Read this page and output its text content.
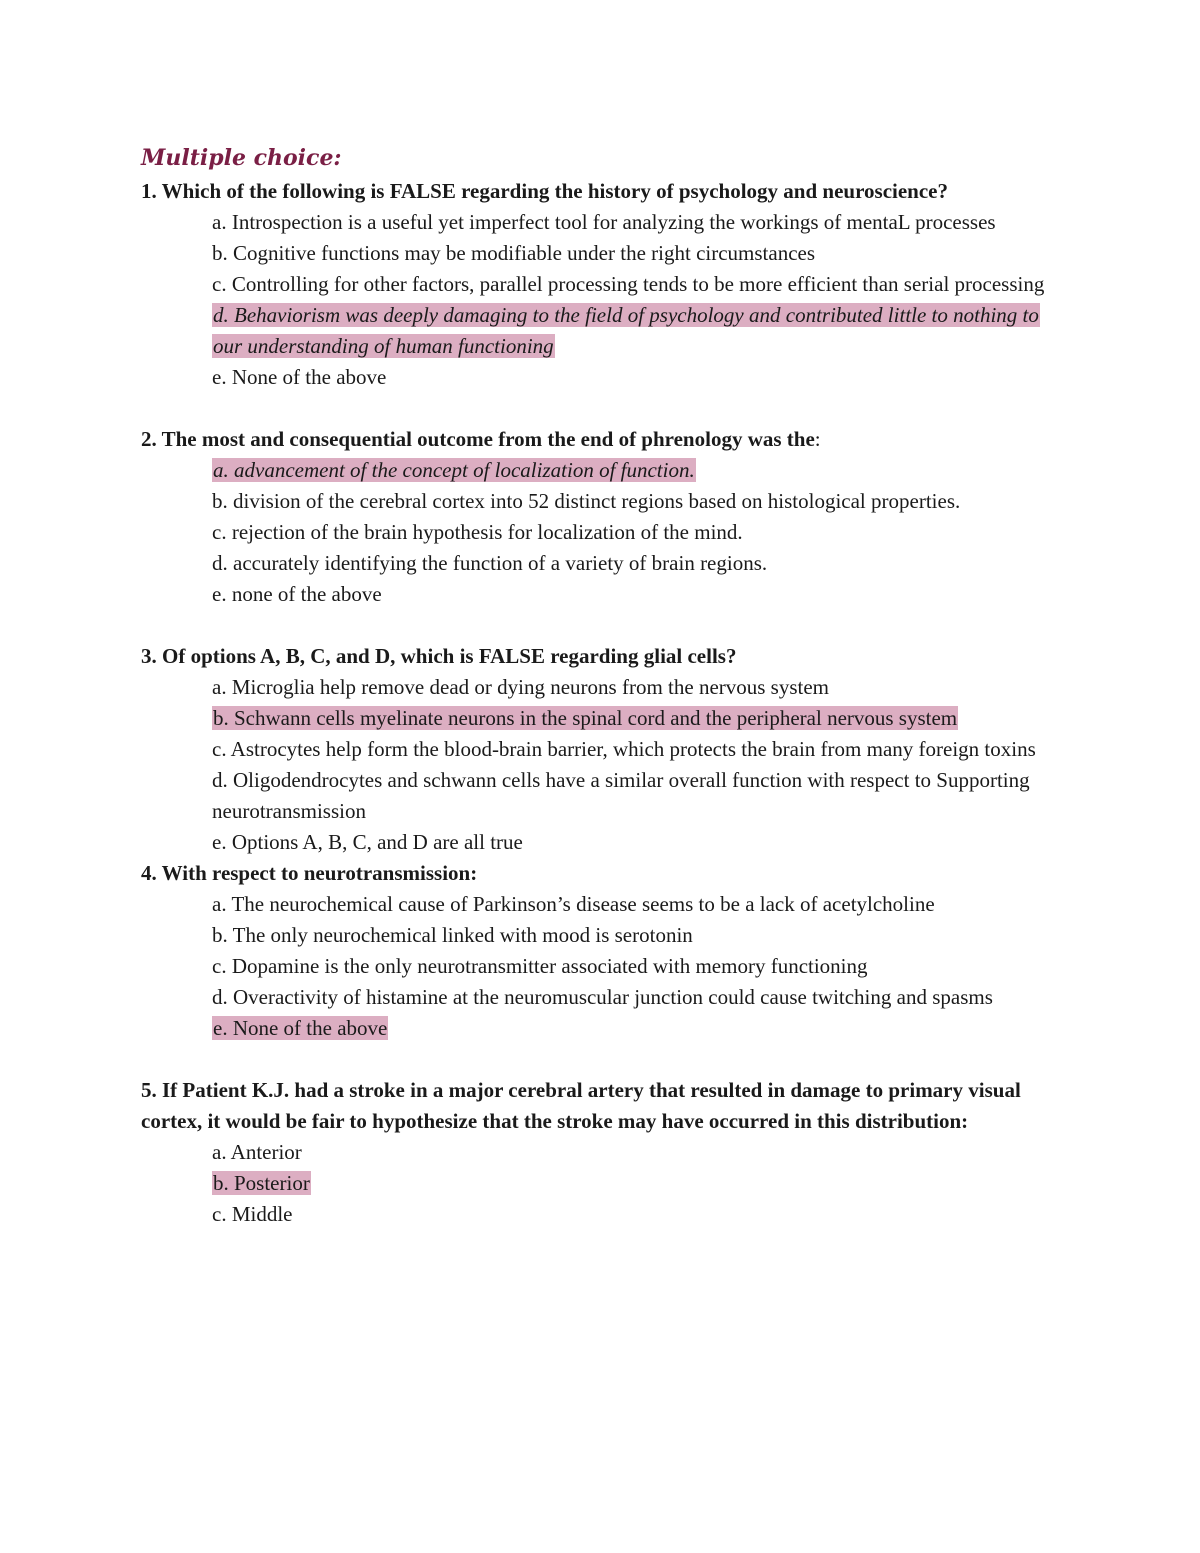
Multiple choice:

1. Which of the following is FALSE regarding the history of psychology and neuroscience?

a. Introspection is a useful yet imperfect tool for analyzing the workings of mentaL processes

b. Cognitive functions may be modifiable under the right circumstances

c. Controlling for other factors, parallel processing tends to be more efficient than serial processing

d. Behaviorism was deeply damaging to the field of psychology and contributed little to nothing to our understanding of human functioning

e. None of the above

2. The most and consequential outcome from the end of phrenology was the:

a. advancement of the concept of localization of function.

b. division of the cerebral cortex into 52 distinct regions based on histological properties.

c. rejection of the brain hypothesis for localization of the mind.

d. accurately identifying the function of a variety of brain regions.

e. none of the above

3. Of options A, B, C, and D, which is FALSE regarding glial cells?

a. Microglia help remove dead or dying neurons from the nervous system

b. Schwann cells myelinate neurons in the spinal cord and the peripheral nervous system

c. Astrocytes help form the blood-brain barrier, which protects the brain from many foreign toxins

d. Oligodendrocytes and schwann cells have a similar overall function with respect to Supporting neurotransmission

e. Options A, B, C, and D are all true

4. With respect to neurotransmission:

a. The neurochemical cause of Parkinson’s disease seems to be a lack of acetylcholine

b. The only neurochemical linked with mood is serotonin

c. Dopamine is the only neurotransmitter associated with memory functioning

d. Overactivity of histamine at the neuromuscular junction could cause twitching and spasms

e. None of the above

5. If Patient K.J. had a stroke in a major cerebral artery that resulted in damage to primary visual cortex, it would be fair to hypothesize that the stroke may have occurred in this distribution:

a. Anterior

b. Posterior

c. Middle
